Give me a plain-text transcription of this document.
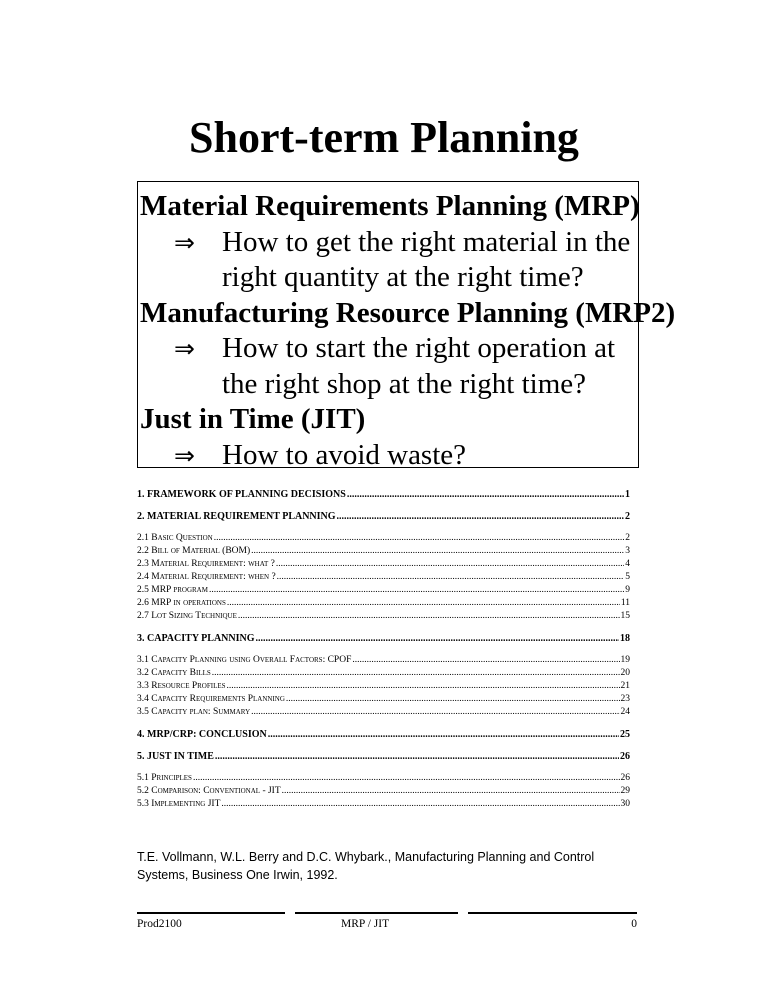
Short-term Planning
Material Requirements Planning (MRP)
⇒ How to get the right material in the
right quantity at the right time?
Manufacturing Resource Planning (MRP2)
⇒ How to start the right operation at
the right shop at the right time?
Just in Time (JIT)
⇒ How to avoid waste?
1. FRAMEWORK OF PLANNING DECISIONS .....	1
2. MATERIAL REQUIREMENT PLANNING .....	2
2.1 Basic Question .....	2
2.2 Bill of Material (BOM) .....	3
2.3 Material Requirement: what ? .....	4
2.4 Material Requirement: when ? .....	5
2.5 MRP program .....	9
2.6 MRP in operations .....	11
2.7 Lot Sizing Technique .....	15
3. CAPACITY PLANNING .....	18
3.1 Capacity Planning using Overall Factors: CPOF .....	19
3.2 Capacity Bills .....	20
3.3 Resource Profiles .....	21
3.4 Capacity Requirements Planning .....	23
3.5 Capacity plan: Summary .....	24
4. MRP/CRP: CONCLUSION .....	25
5. JUST IN TIME .....	26
5.1 Principles .....	26
5.2 Comparison: Conventional - JIT .....	29
5.3 Implementing JIT .....	30
T.E. Vollmann, W.L. Berry and D.C. Whybark., Manufacturing Planning and Control Systems, Business One Irwin, 1992.
Prod2100	MRP / JIT	0
